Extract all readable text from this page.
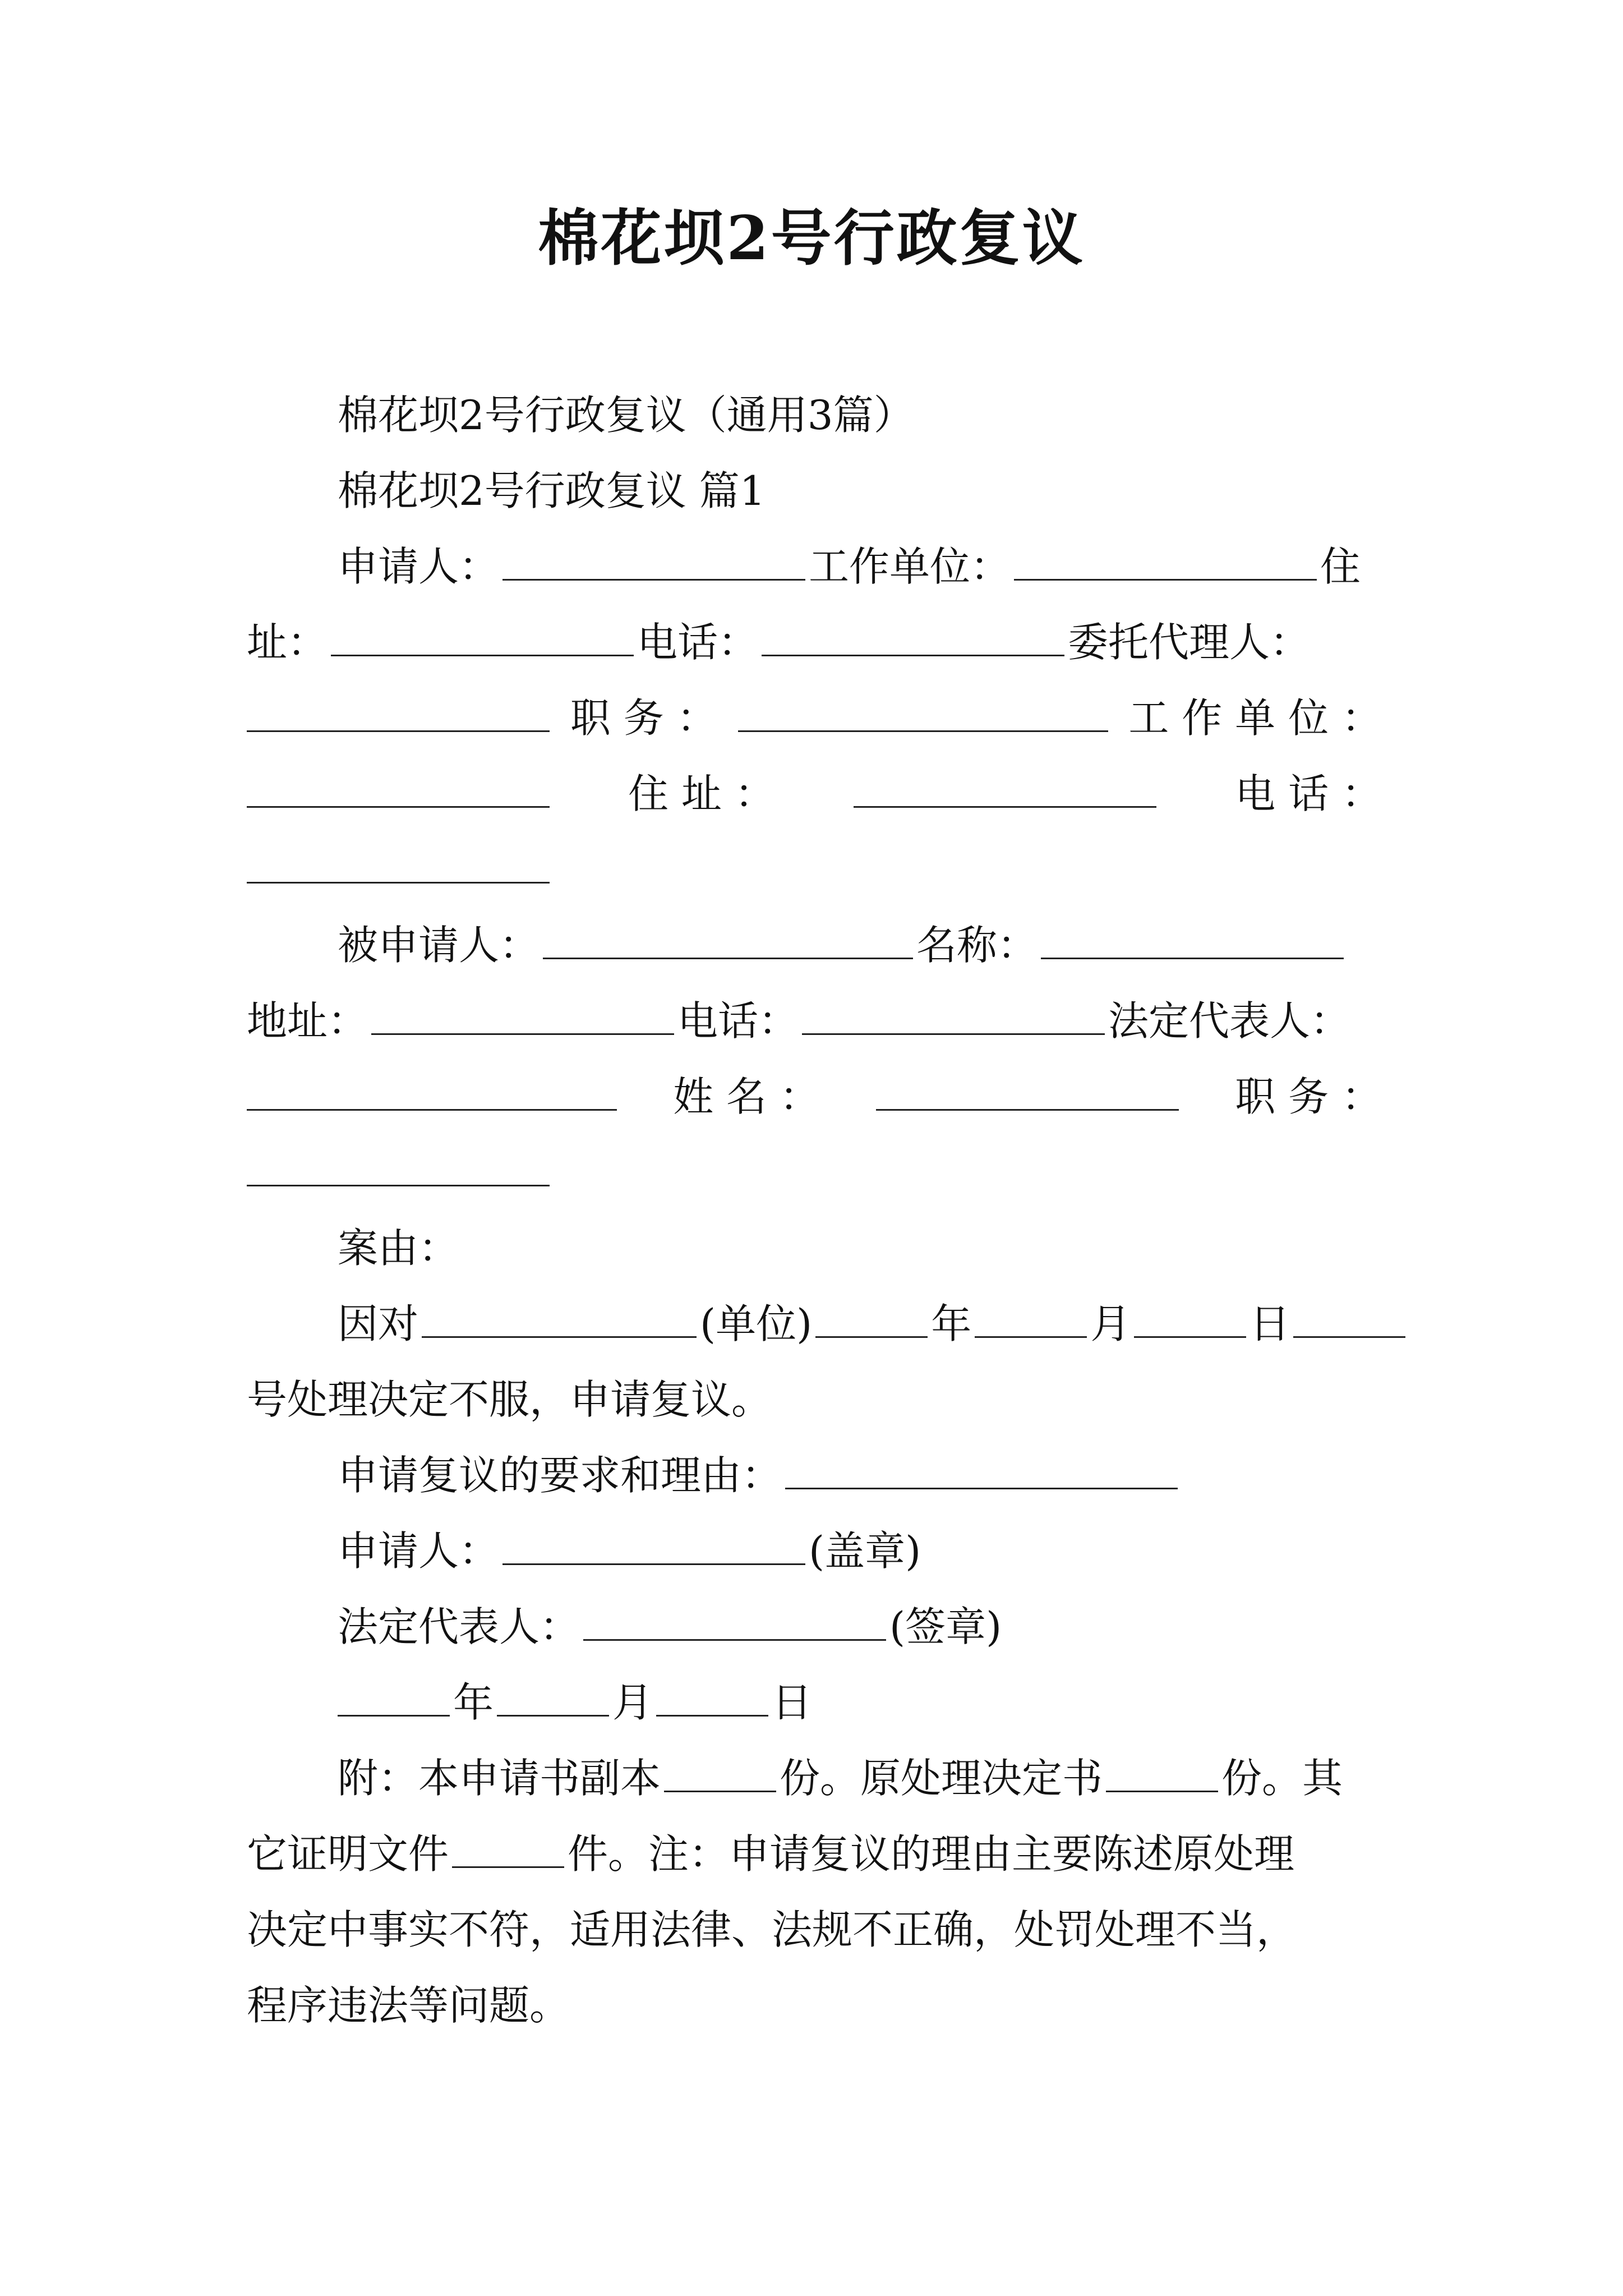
棉花坝2号行政复议
棉花坝2号行政复议（通用3篇）
棉花坝2号行政复议 篇1
申请人：	工作单位：	住
址：	电话：	委托代理人：
职 务 ：	工 作 单 位 ：
住 址 ：	电 话 ：
被申请人：	名称：
地址：	电话：	法定代表人：
姓 名 ：	职 务 ：
案由：
因对	(单位)	年	月	日
号处理决定不服，申请复议。
申请复议的要求和理由：
申请人：	(盖章)
法定代表人：	(签章)
年	月	日
附：本申请书副本	份。原处理决定书	份。其
它证明文件	件。注：申请复议的理由主要陈述原处理
决定中事实不符，适用法律、法规不正确，处罚处理不当，
程序违法等问题。
